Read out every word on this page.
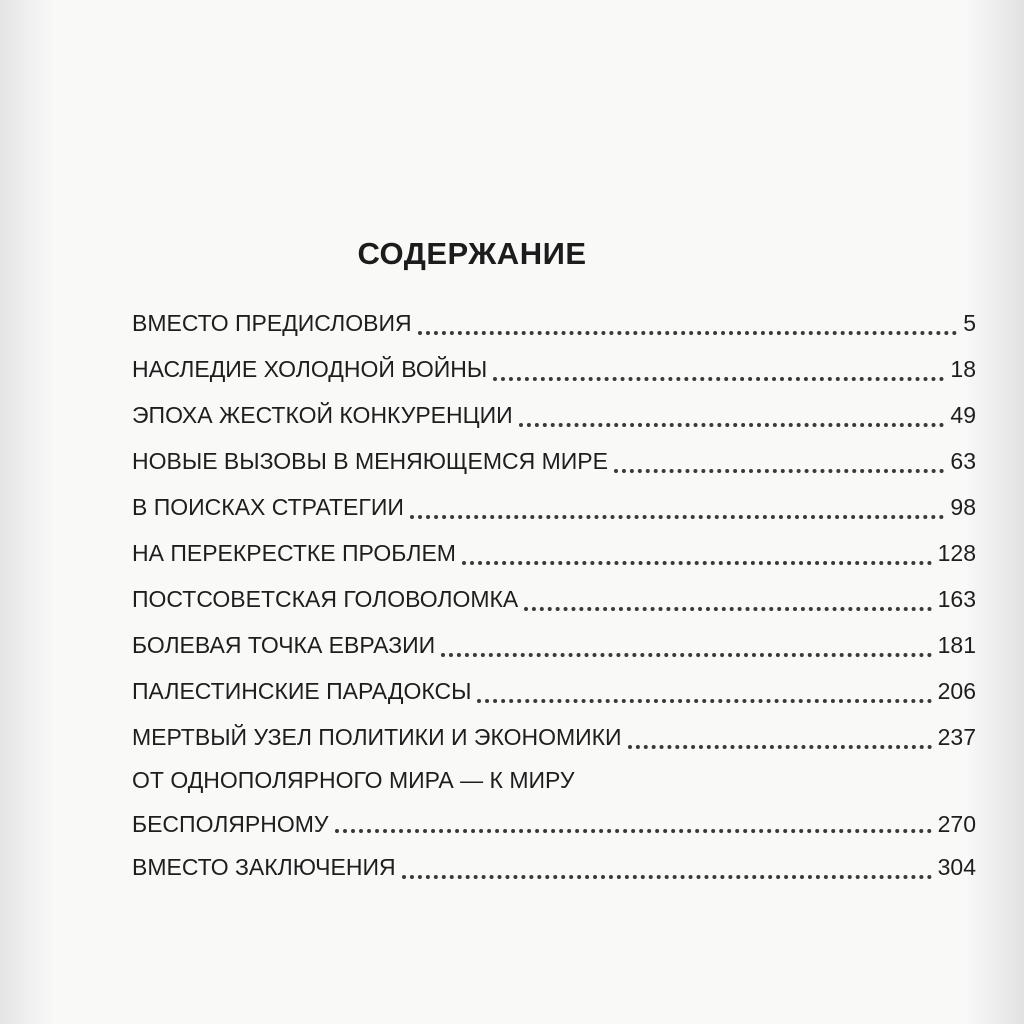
СОДЕРЖАНИЕ
ВМЕСТО ПРЕДИСЛОВИЯ	5
НАСЛЕДИЕ ХОЛОДНОЙ ВОЙНЫ	18
ЭПОХА ЖЕСТКОЙ КОНКУРЕНЦИИ	49
НОВЫЕ ВЫЗОВЫ В МЕНЯЮЩЕМСЯ МИРЕ	63
В ПОИСКАХ СТРАТЕГИИ	98
НА ПЕРЕКРЕСТКЕ ПРОБЛЕМ	128
ПОСТСОВЕТСКАЯ ГОЛОВОЛОМКА	163
БОЛЕВАЯ ТОЧКА ЕВРАЗИИ	181
ПАЛЕСТИНСКИЕ ПАРАДОКСЫ	206
МЕРТВЫЙ УЗЕЛ ПОЛИТИКИ И ЭКОНОМИКИ	237
ОТ ОДНОПОЛЯРНОГО МИРА — К МИРУ
БЕСПОЛЯРНОМУ	270
ВМЕСТО ЗАКЛЮЧЕНИЯ	304
